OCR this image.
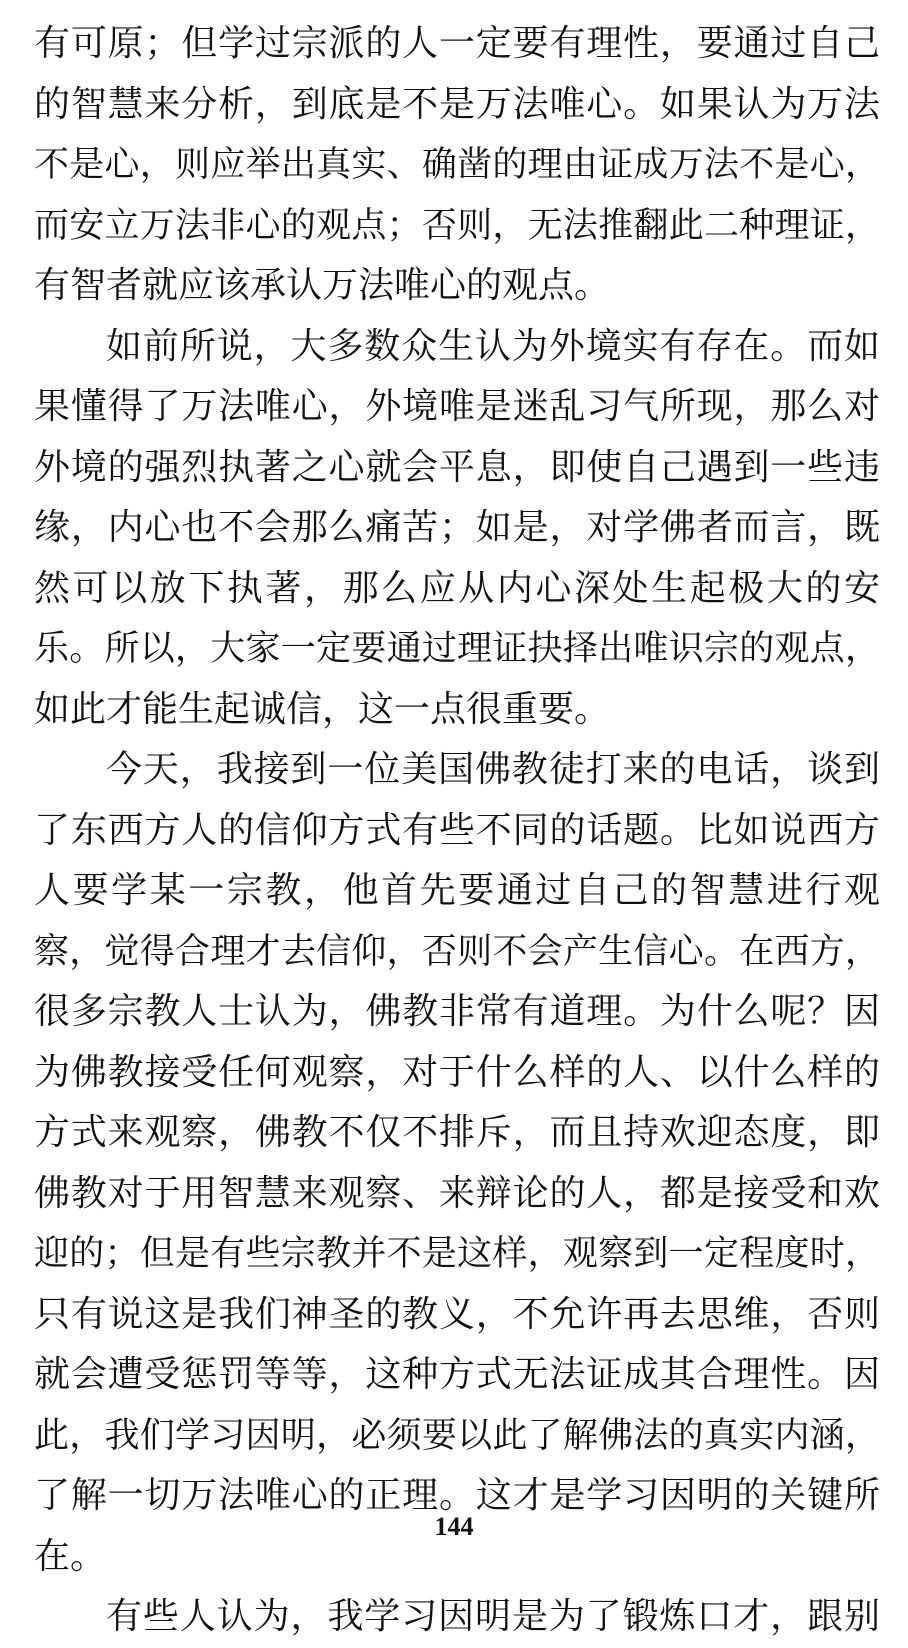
有可原；但学过宗派的人一定要有理性，要通过自己
的智慧来分析，到底是不是万法唯心。如果认为万法
不是心，则应举出真实、确凿的理由证成万法不是心，
而安立万法非心的观点；否则，无法推翻此二种理证，
有智者就应该承认万法唯心的观点。
如前所说，大多数众生认为外境实有存在。而如
果懂得了万法唯心，外境唯是迷乱习气所现，那么对
外境的强烈执著之心就会平息，即使自己遇到一些违
缘，内心也不会那么痛苦；如是，对学佛者而言，既
然可以放下执著，那么应从内心深处生起极大的安
乐。所以，大家一定要通过理证抉择出唯识宗的观点，
如此才能生起诚信，这一点很重要。
今天，我接到一位美国佛教徒打来的电话，谈到
了东西方人的信仰方式有些不同的话题。比如说西方
人要学某一宗教，他首先要通过自己的智慧进行观
察，觉得合理才去信仰，否则不会产生信心。在西方，
很多宗教人士认为，佛教非常有道理。为什么呢？因
为佛教接受任何观察，对于什么样的人、以什么样的
方式来观察，佛教不仅不排斥，而且持欢迎态度，即
佛教对于用智慧来观察、来辩论的人，都是接受和欢
迎的；但是有些宗教并不是这样，观察到一定程度时，
只有说这是我们神圣的教义，不允许再去思维，否则
就会遭受惩罚等等，这种方式无法证成其合理性。因
此，我们学习因明，必须要以此了解佛法的真实内涵，
了解一切万法唯心的正理。这才是学习因明的关键所
在。
有些人认为，我学习因明是为了锻炼口才，跟别
144
